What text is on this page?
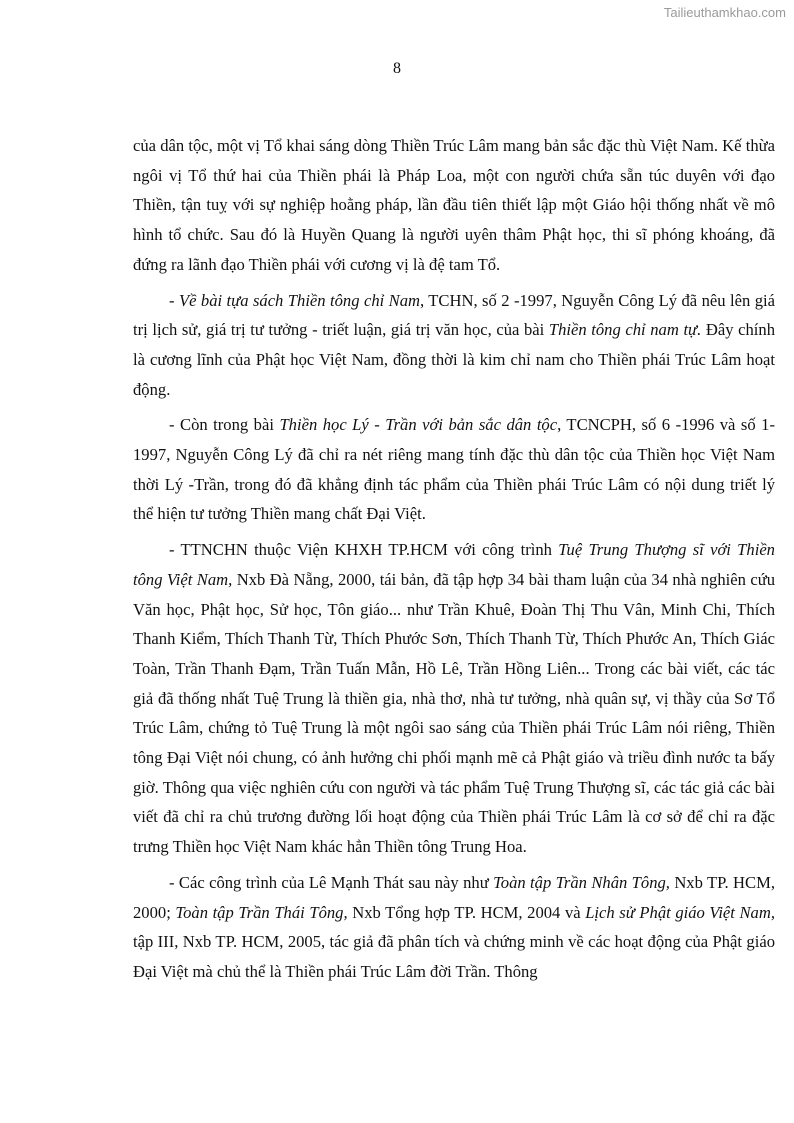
Tailieuthamkhao.com
8

của dân tộc, một vị Tổ khai sáng dòng Thiền Trúc Lâm mang bản sắc đặc thù Việt Nam. Kế thừa ngôi vị Tổ thứ hai của Thiền phái là Pháp Loa, một con người chứa sẵn túc duyên với đạo Thiền, tận tuỵ với sự nghiệp hoằng pháp, lần đầu tiên thiết lập một Giáo hội thống nhất về mô hình tổ chức. Sau đó là Huyền Quang là người uyên thâm Phật học, thi sĩ phóng khoáng, đã đứng ra lãnh đạo Thiền phái với cương vị là đệ tam Tổ.

- Về bài tựa sách Thiền tông chỉ Nam, TCHN, số 2 -1997, Nguyễn Công Lý đã nêu lên giá trị lịch sử, giá trị tư tưởng - triết luận, giá trị văn học, của bài Thiền tông chỉ nam tự. Đây chính là cương lĩnh của Phật học Việt Nam, đồng thời là kim chỉ nam cho Thiền phái Trúc Lâm hoạt động.

- Còn trong bài Thiền học Lý - Trần với bản sắc dân tộc, TCNCPH, số 6 -1996 và số 1-1997, Nguyễn Công Lý đã chỉ ra nét riêng mang tính đặc thù dân tộc của Thiền học Việt Nam thời Lý -Trần, trong đó đã khẳng định tác phẩm của Thiền phái Trúc Lâm có nội dung triết lý thể hiện tư tưởng Thiền mang chất Đại Việt.

- TTNCHN thuộc Viện KHXH TP.HCM với công trình Tuệ Trung Thượng sĩ với Thiền tông Việt Nam, Nxb Đà Nẵng, 2000, tái bản, đã tập hợp 34 bài tham luận của 34 nhà nghiên cứu Văn học, Phật học, Sử học, Tôn giáo... như Trần Khuê, Đoàn Thị Thu Vân, Minh Chi, Thích Thanh Kiểm, Thích Thanh Từ, Thích Phước Sơn, Thích Thanh Từ, Thích Phước An, Thích Giác Toàn, Trần Thanh Đạm, Trần Tuấn Mẫn, Hồ Lê, Trần Hồng Liên... Trong các bài viết, các tác giả đã thống nhất Tuệ Trung là thiền gia, nhà thơ, nhà tư tưởng, nhà quân sự, vị thầy của Sơ Tổ Trúc Lâm, chứng tỏ Tuệ Trung là một ngôi sao sáng của Thiền phái Trúc Lâm nói riêng, Thiền tông Đại Việt nói chung, có ảnh hưởng chi phối mạnh mẽ cả Phật giáo và triều đình nước ta bấy giờ. Thông qua việc nghiên cứu con người và tác phẩm Tuệ Trung Thượng sĩ, các tác giả các bài viết đã chỉ ra chủ trương đường lối hoạt động của Thiền phái Trúc Lâm là cơ sở để chỉ ra đặc trưng Thiền học Việt Nam khác hẳn Thiền tông Trung Hoa.

- Các công trình của Lê Mạnh Thát sau này như Toàn tập Trần Nhân Tông, Nxb TP. HCM, 2000; Toàn tập Trần Thái Tông, Nxb Tổng hợp TP. HCM, 2004 và Lịch sử Phật giáo Việt Nam, tập III, Nxb TP. HCM, 2005, tác giả đã phân tích và chứng minh về các hoạt động của Phật giáo Đại Việt mà chủ thể là Thiền phái Trúc Lâm đời Trần. Thông
